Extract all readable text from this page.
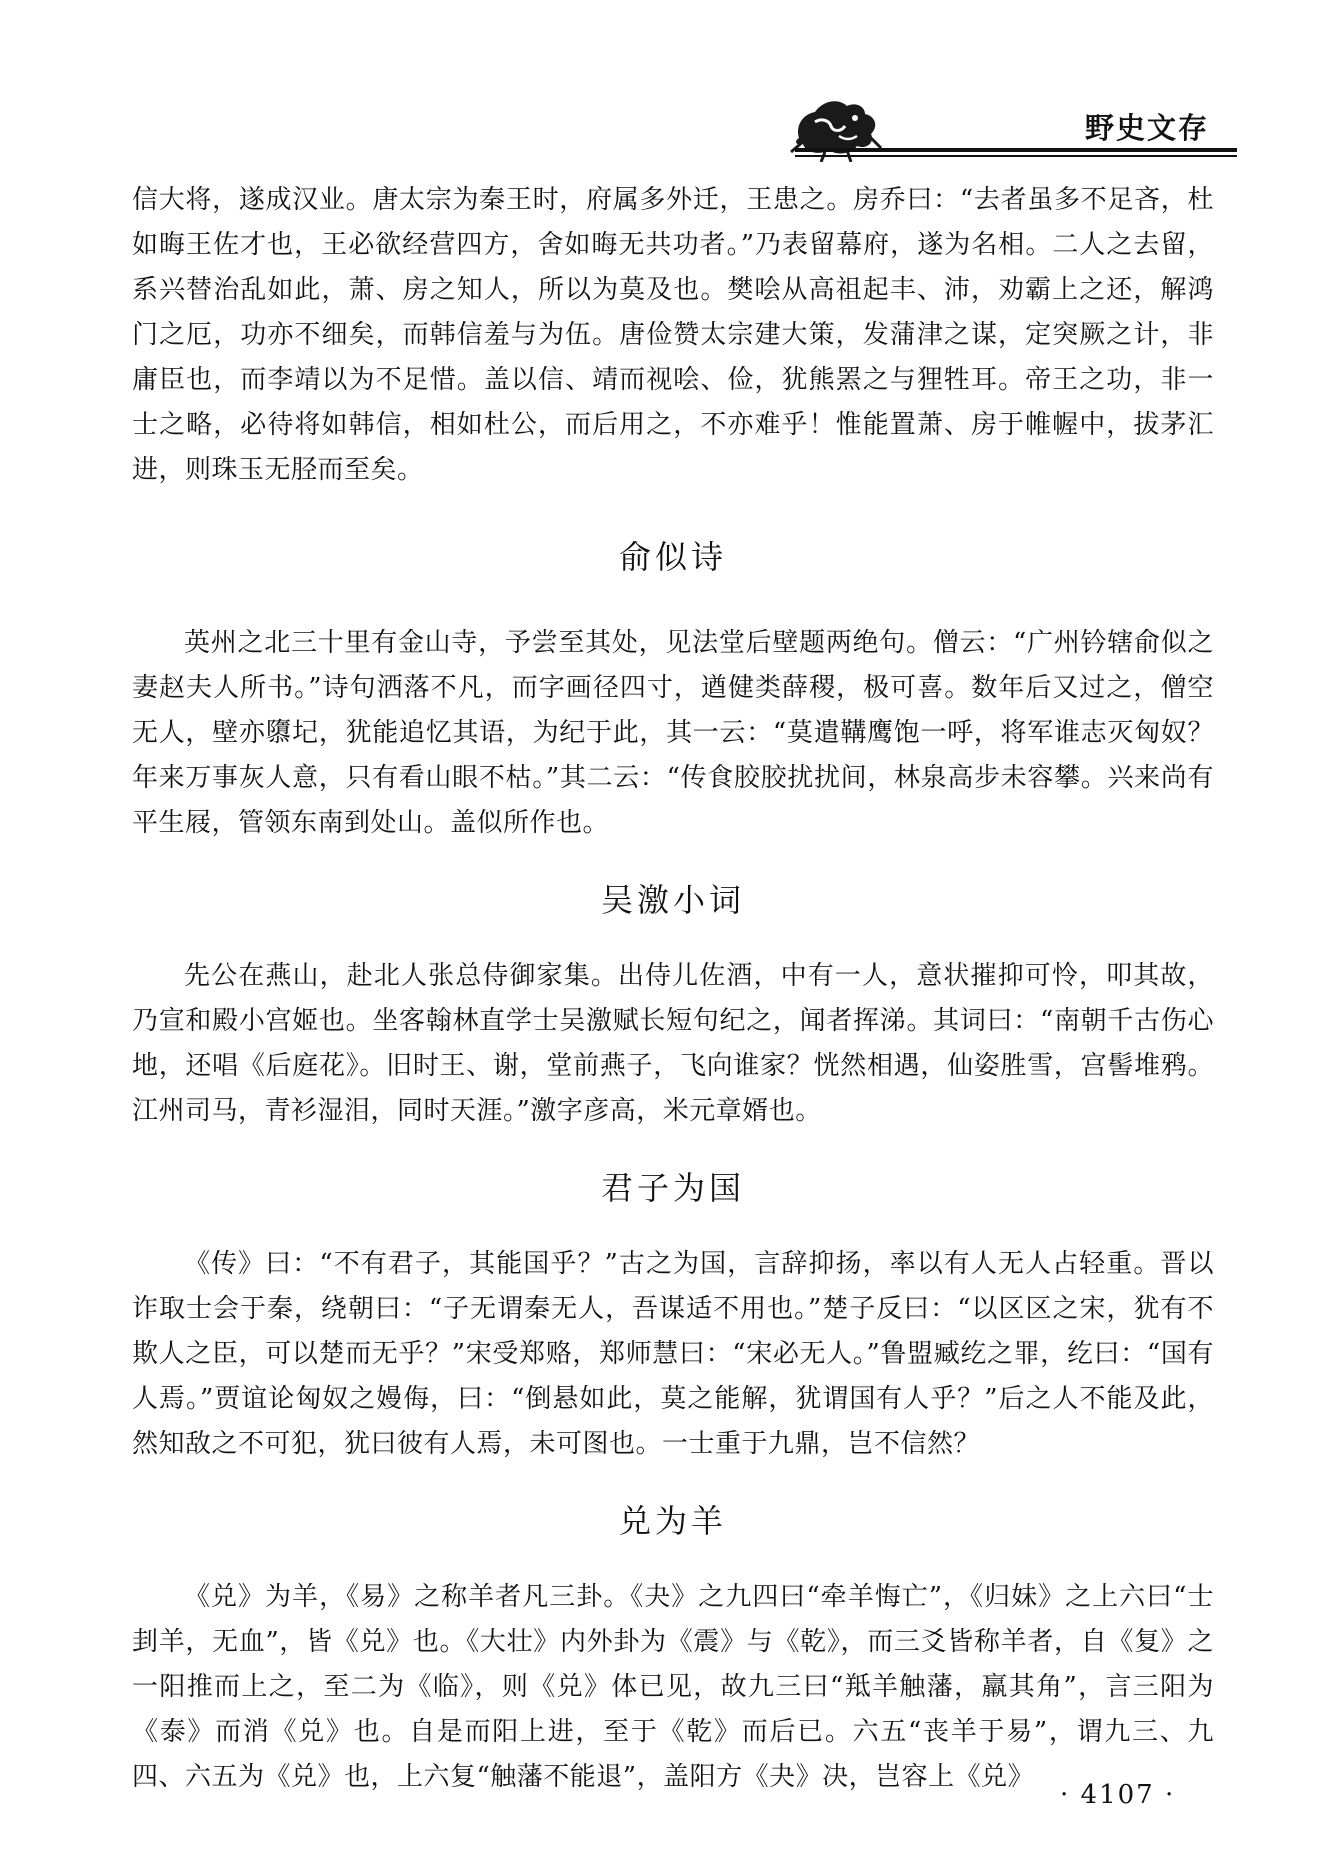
野史文存

信大将，遂成汉业。唐太宗为秦王时，府属多外迁，王患之。房乔曰：“去者虽多不足吝，杜如晦王佐才也，王必欲经营四方，舍如晦无共功者。”乃表留幕府，遂为名相。二人之去留，系兴替治乱如此，萧、房之知人，所以为莫及也。樊哙从高祖起丰、沛，劝霸上之还，解鸿门之厄，功亦不细矣，而韩信羞与为伍。唐俭赞太宗建大策，发蒲津之谋，定突厥之计，非庸臣也，而李靖以为不足惜。盖以信、靖而视哙、俭，犹熊罴之与狸牲耳。帝王之功，非一士之略，必待将如韩信，相如杜公，而后用之，不亦难乎！惟能置萧、房于帷幄中，拔茅汇进，则珠玉无胫而至矣。

俞似诗

英州之北三十里有金山寺，予尝至其处，见法堂后壁题两绝句。僧云：“广州钤辖俞似之妻赵夫人所书。”诗句洒落不凡，而字画径四寸，遒健类薛稷，极可喜。数年后又过之，僧空无人，壁亦隳圮，犹能追忆其语，为纪于此，其一云：“莫遣鞲鹰饱一呼，将军谁志灭匈奴？年来万事灰人意，只有看山眼不枯。”其二云：“传食胶胶扰扰间，林泉高步未容攀。兴来尚有平生屐，管领东南到处山。盖似所作也。

吴激小词

先公在燕山，赴北人张总侍御家集。出侍儿佐酒，中有一人，意状摧抑可怜，叩其故，乃宣和殿小宫姬也。坐客翰林直学士吴激赋长短句纪之，闻者挥涕。其词曰：“南朝千古伤心地，还唱《后庭花》。旧时王、谢，堂前燕子，飞向谁家？恍然相遇，仙姿胜雪，宫髻堆鸦。江州司马，青衫湿泪，同时天涯。”激字彦高，米元章婿也。

君子为国

《传》曰：“不有君子，其能国乎？”古之为国，言辞抑扬，率以有人无人占轻重。晋以诈取士会于秦，绕朝曰：“子无谓秦无人，吾谋适不用也。”楚子反曰：“以区区之宋，犹有不欺人之臣，可以楚而无乎？”宋受郑赂，郑师慧曰：“宋必无人。”鲁盟臧纥之罪，纥曰：“国有人焉。”贾谊论匈奴之嫚侮，曰：“倒悬如此，莫之能解，犹谓国有人乎？”后之人不能及此，然知敌之不可犯，犹曰彼有人焉，未可图也。一士重于九鼎，岂不信然？

兑为羊

《兑》为羊，《易》之称羊者凡三卦。《夬》之九四曰“牵羊悔亡”，《归妹》之上六曰“士刲羊，无血”，皆《兑》也。《大壮》内外卦为《震》与《乾》，而三爻皆称羊者，自《复》之一阳推而上之，至二为《临》，则《兑》体已见，故九三曰“羝羊触藩，羸其角”，言三阳为《泰》而消《兑》也。自是而阳上进，至于《乾》而后已。六五“丧羊于易”，谓九三、九四、六五为《兑》也，上六复“触藩不能退”，盖阳方《夬》决，岂容上《兑》

· 4107 ·
